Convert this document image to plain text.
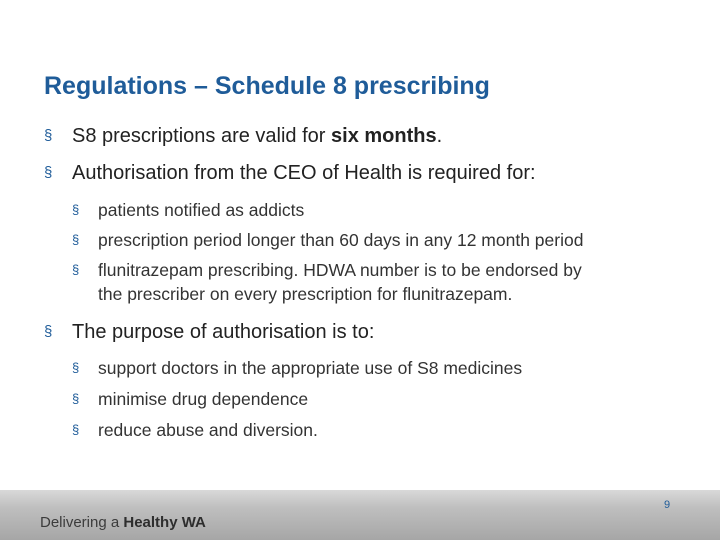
Regulations – Schedule 8 prescribing
§ S8 prescriptions are valid for six months.
§ Authorisation from the CEO of Health is required for:
§ patients notified as addicts
§ prescription period longer than 60 days in any 12 month period
§ flunitrazepam prescribing. HDWA number is to be endorsed by
the prescriber on every prescription for flunitrazepam.
§ The purpose of authorisation is to:
§ support doctors in the appropriate use of S8 medicines
§ minimise drug dependence
§ reduce abuse and diversion.
Delivering a Healthy WA
9
